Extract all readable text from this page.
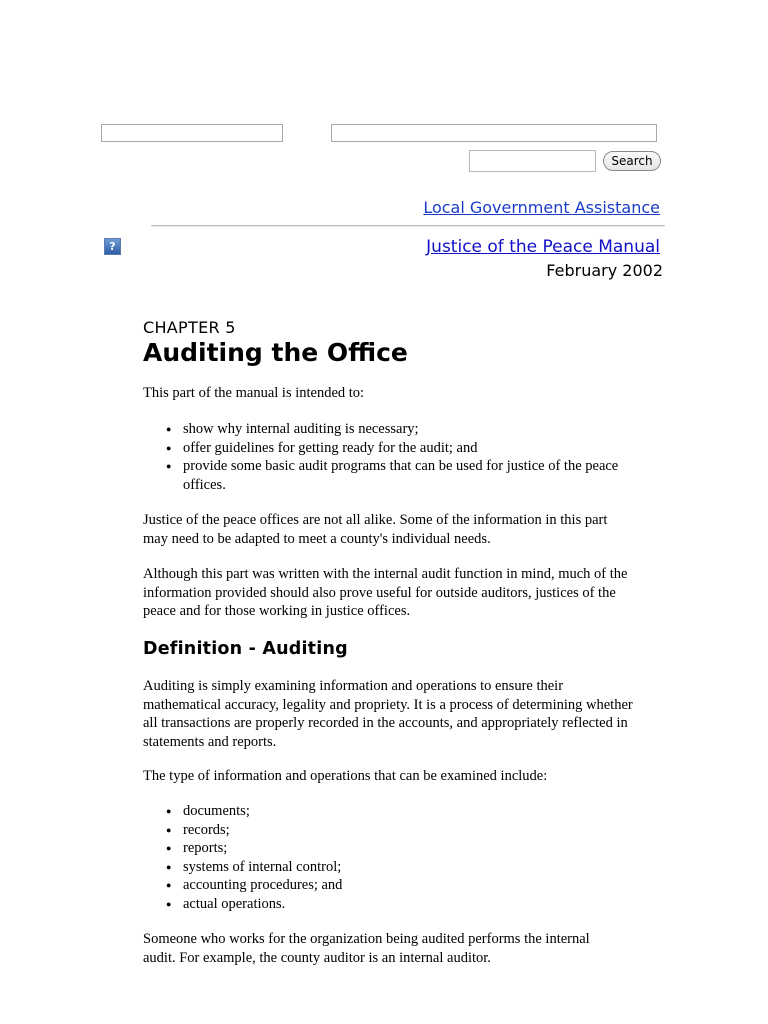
Search
Local Government Assistance
?	Justice of the Peace Manual
February 2002
CHAPTER 5
Auditing the Office

This part of the manual is intended to:

● show why internal auditing is necessary;
● offer guidelines for getting ready for the audit; and
● provide some basic audit programs that can be used for justice of the peace offices.

Justice of the peace offices are not all alike. Some of the information in this part may need to be adapted to meet a county's individual needs.

Although this part was written with the internal audit function in mind, much of the information provided should also prove useful for outside auditors, justices of the peace and for those working in justice offices.

Definition - Auditing

Auditing is simply examining information and operations to ensure their mathematical accuracy, legality and propriety. It is a process of determining whether all transactions are properly recorded in the accounts, and appropriately reflected in statements and reports.

The type of information and operations that can be examined include:

● documents;
● records;
● reports;
● systems of internal control;
● accounting procedures; and
● actual operations.

Someone who works for the organization being audited performs the internal audit. For example, the county auditor is an internal auditor.
